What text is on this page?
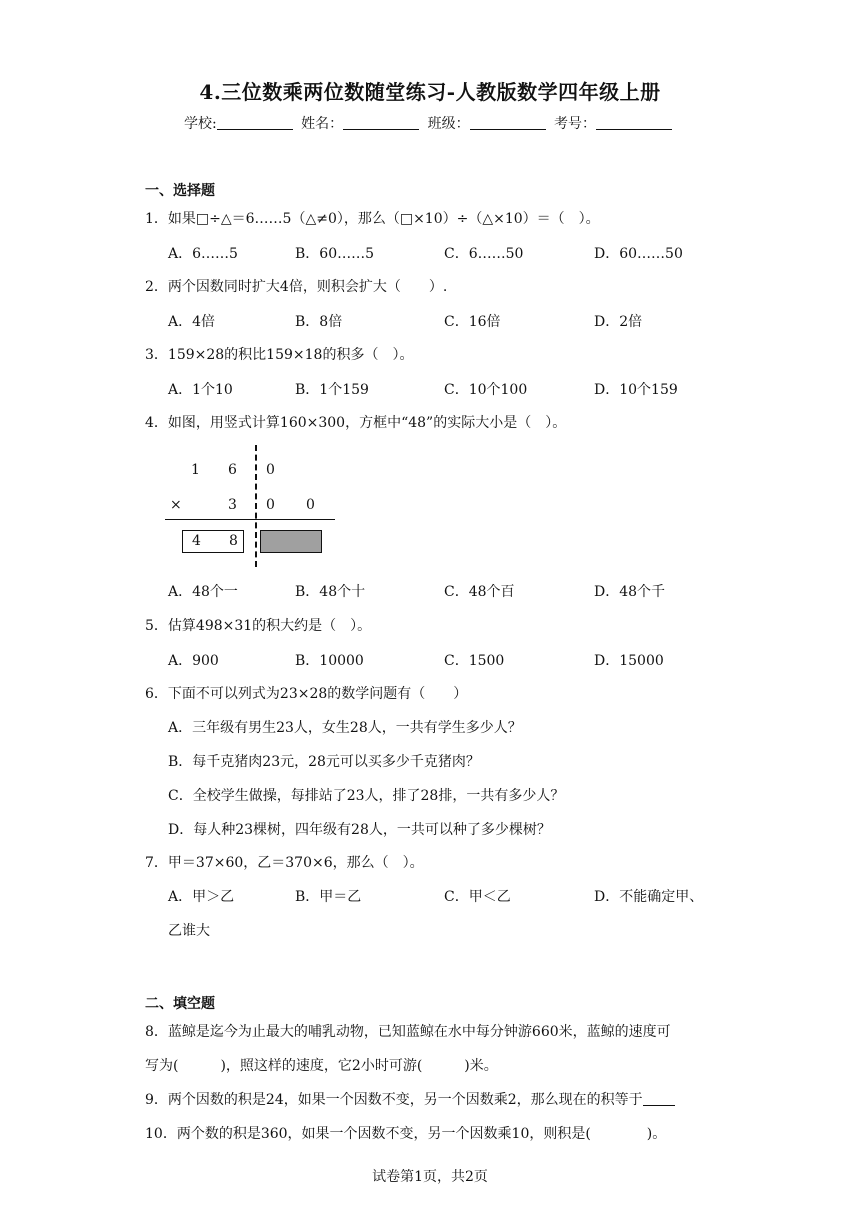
4.三位数乘两位数随堂练习-人教版数学四年级上册
学校:	姓名：	班级：	考号：
一、选择题
1．如果□÷△＝6……5（△≠0），那么（□×10）÷（△×10）＝（　）。
A．6……5	B．60……5	C．6……50	D．60……50
2．两个因数同时扩大4倍，则积会扩大（　　）.
A．4倍	B．8倍	C．16倍	D．2倍
3．159×28的积比159×18的积多（　）。
A．1个10	B．1个159	C．10个100	D．10个159
4．如图，用竖式计算160×300，方框中“48”的实际大小是（　）。
1 6 0
×	3 0 0
4 8
A．48个一	B．48个十	C．48个百	D．48个千
5．估算498×31的积大约是（　）。
A．900	B．10000	C．1500	D．15000
6．下面不可以列式为23×28的数学问题有（　　）
A．三年级有男生23人，女生28人，一共有学生多少人？
B．每千克猪肉23元，28元可以买多少千克猪肉？
C．全校学生做操，每排站了23人，排了28排，一共有多少人？
D．每人种23棵树，四年级有28人，一共可以种了多少棵树？
7．甲＝37×60，乙＝370×6，那么（　）。
A．甲＞乙	B．甲＝乙	C．甲＜乙	D．不能确定甲、
乙谁大
二、填空题
8．蓝鲸是迄今为止最大的哺乳动物，已知蓝鲸在水中每分钟游660米，蓝鲸的速度可
写为(　　　)，照这样的速度，它2小时可游(　　　)米。
9．两个因数的积是24，如果一个因数不变，另一个因数乘2，那么现在的积等于
10．两个数的积是360，如果一个因数不变，另一个因数乘10，则积是(　　　　)。
试卷第1页，共2页
